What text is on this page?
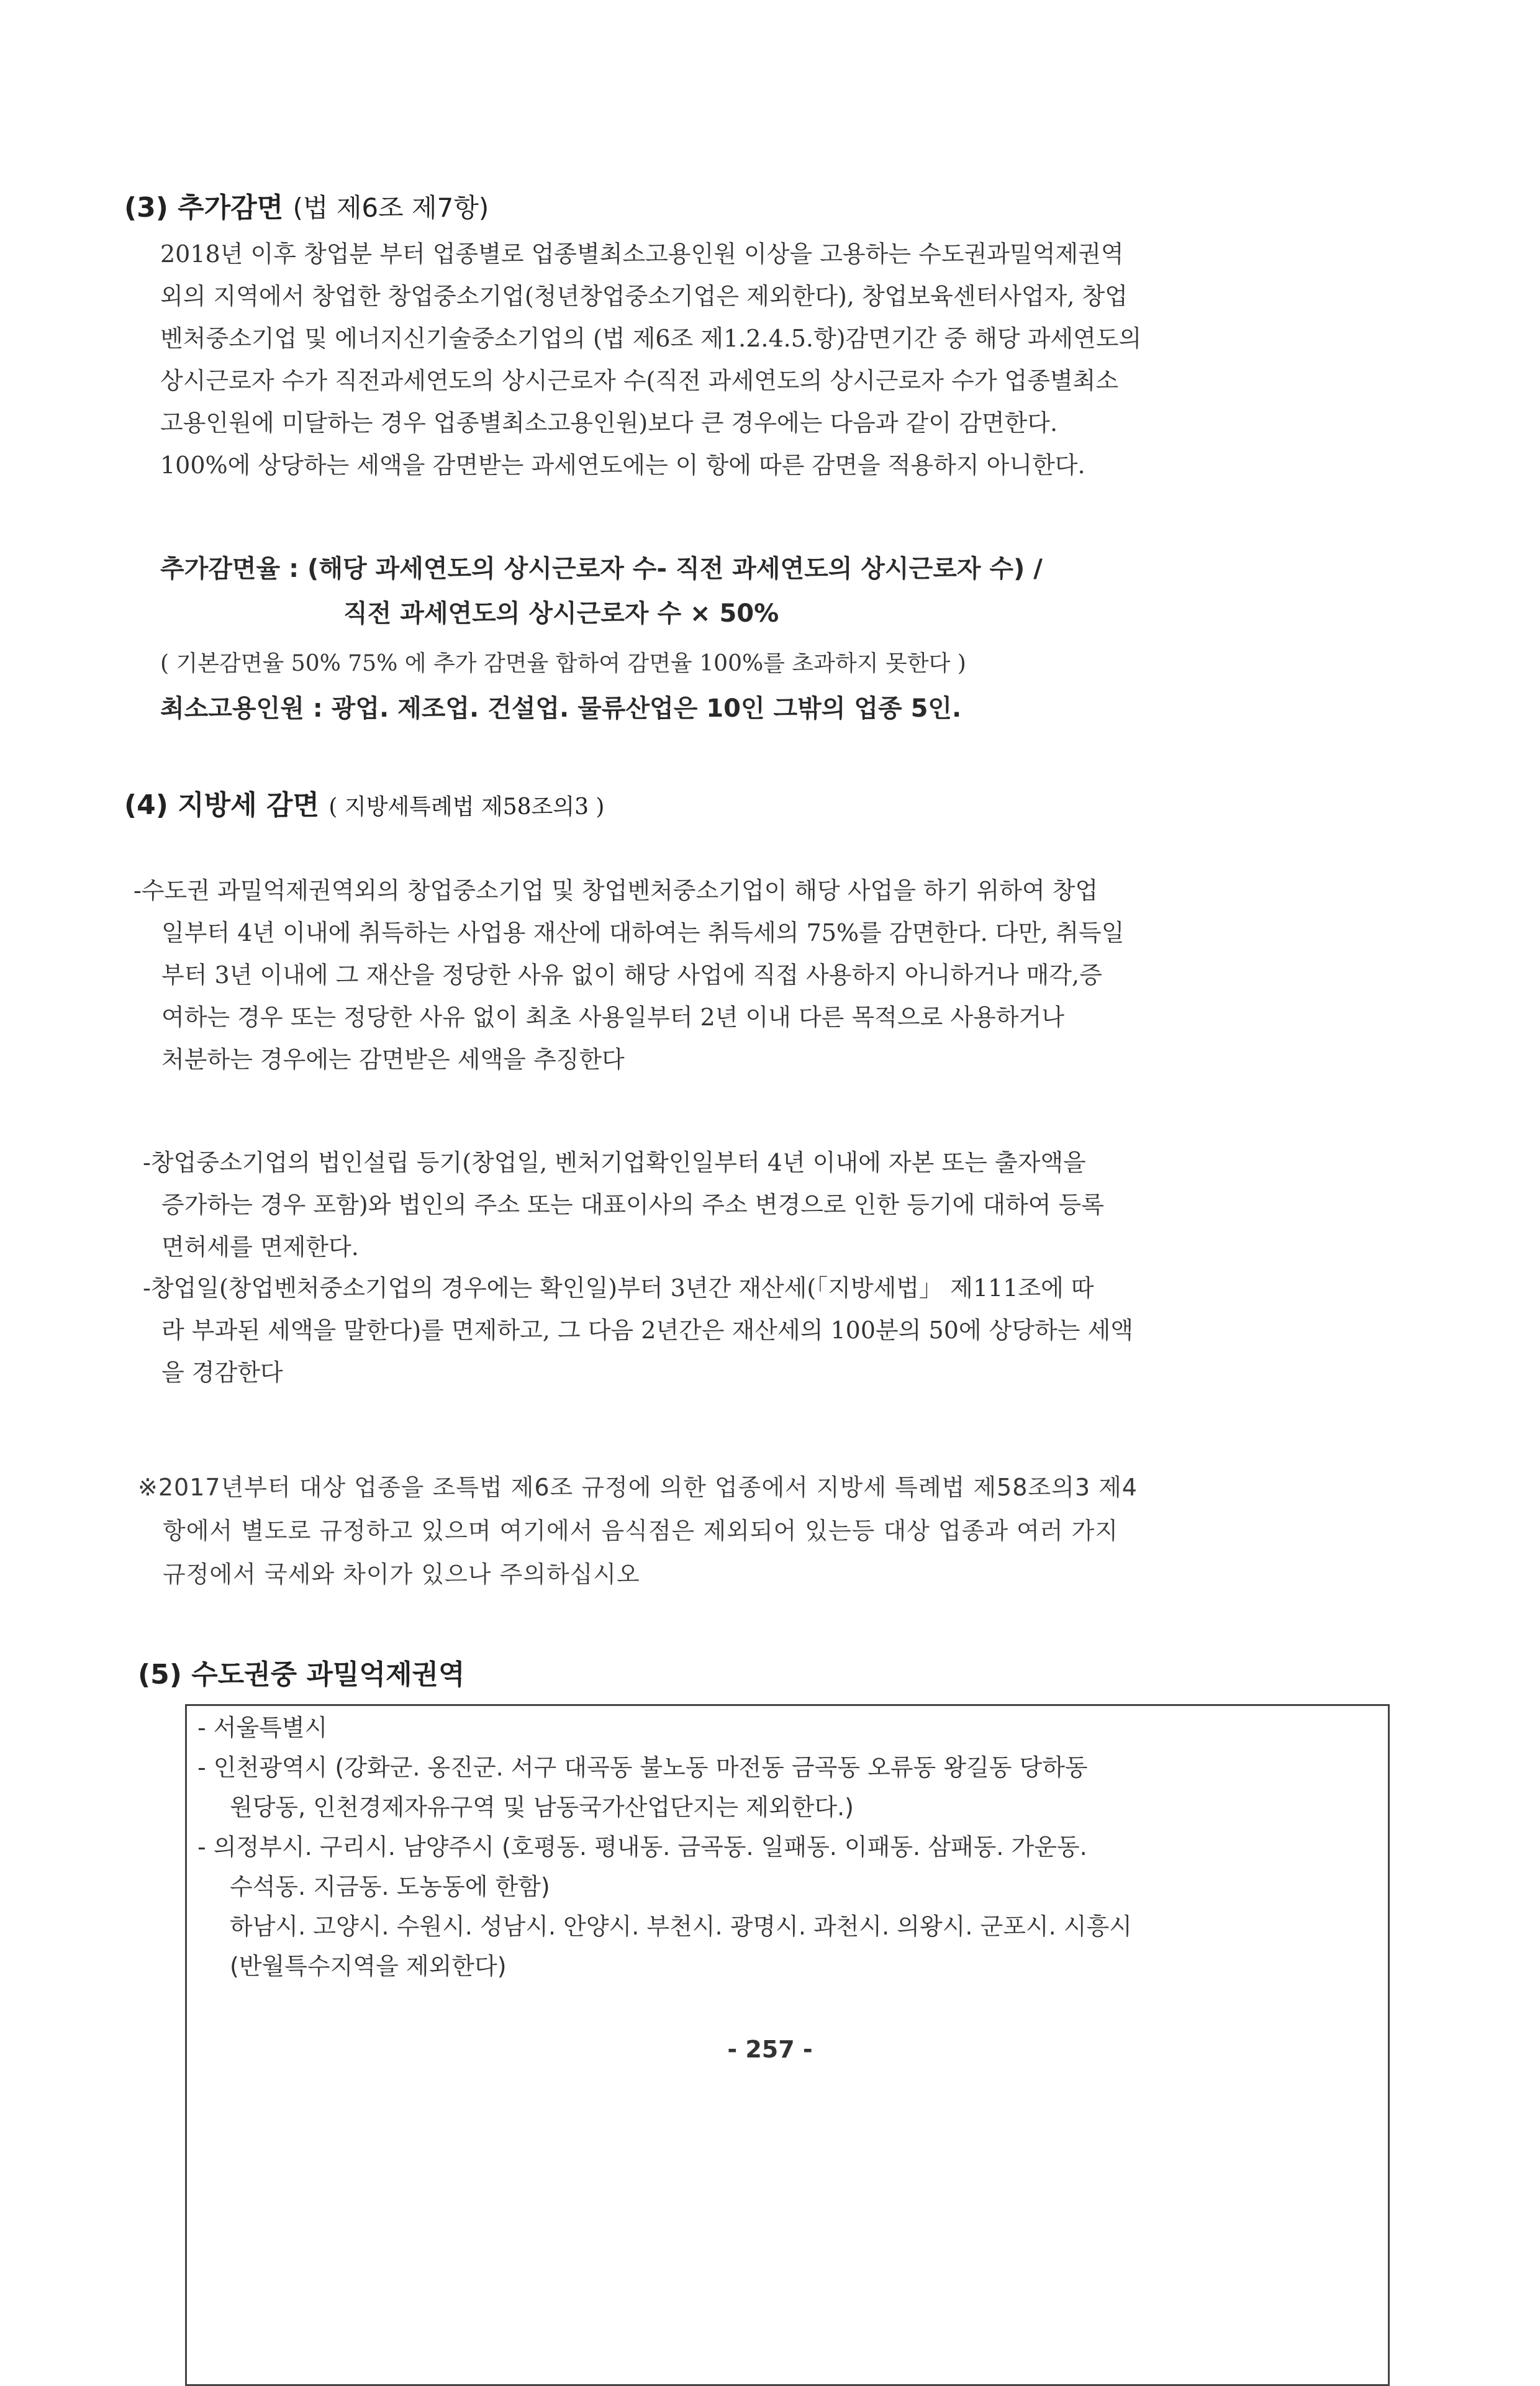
(3) 추가감면 (법 제6조 제7항)
2018년 이후 창업분 부터 업종별로 업종별최소고용인원 이상을 고용하는 수도권과밀억제권역
외의 지역에서 창업한 창업중소기업(청년창업중소기업은 제외한다), 창업보육센터사업자, 창업
벤처중소기업 및 에너지신기술중소기업의 (법 제6조 제1.2.4.5.항)감면기간 중 해당 과세연도의
상시근로자 수가 직전과세연도의 상시근로자 수(직전 과세연도의 상시근로자 수가 업종별최소
고용인원에 미달하는 경우 업종별최소고용인원)보다 큰 경우에는 다음과 같이 감면한다.
100%에 상당하는 세액을 감면받는 과세연도에는 이 항에 따른 감면을 적용하지 아니한다.
추가감면율 : (해당 과세연도의 상시근로자 수- 직전 과세연도의 상시근로자 수) /
직전 과세연도의 상시근로자 수 × 50%
( 기본감면율 50% 75% 에 추가 감면율 합하여 감면율 100%를 초과하지 못한다 )
최소고용인원 : 광업. 제조업. 건설업. 물류산업은 10인 그밖의 업종 5인.
(4) 지방세 감면 ( 지방세특례법 제58조의3 )
-수도권 과밀억제권역외의 창업중소기업 및 창업벤처중소기업이 해당 사업을 하기 위하여 창업
일부터 4년 이내에 취득하는 사업용 재산에 대하여는 취득세의 75%를 감면한다. 다만, 취득일
부터 3년 이내에 그 재산을 정당한 사유 없이 해당 사업에 직접 사용하지 아니하거나 매각,증
여하는 경우 또는 정당한 사유 없이 최초 사용일부터 2년 이내 다른 목적으로 사용하거나
처분하는 경우에는 감면받은 세액을 추징한다
-창업중소기업의 법인설립 등기(창업일, 벤처기업확인일부터 4년 이내에 자본 또는 출자액을
증가하는 경우 포함)와 법인의 주소 또는 대표이사의 주소 변경으로 인한 등기에 대하여 등록
면허세를 면제한다.
-창업일(창업벤처중소기업의 경우에는 확인일)부터 3년간 재산세(「지방세법」 제111조에 따
라 부과된 세액을 말한다)를 면제하고, 그 다음 2년간은 재산세의 100분의 50에 상당하는 세액
을 경감한다
※2017년부터 대상 업종을 조특법 제6조 규정에 의한 업종에서 지방세 특례법 제58조의3 제4
항에서 별도로 규정하고 있으며 여기에서 음식점은 제외되어 있는등 대상 업종과 여러 가지
규정에서 국세와 차이가 있으나 주의하십시오
(5) 수도권중 과밀억제권역
- 서울특별시
- 인천광역시 (강화군. 옹진군. 서구 대곡동 불노동 마전동 금곡동 오류동 왕길동 당하동
원당동, 인천경제자유구역 및 남동국가산업단지는 제외한다.)
- 의정부시. 구리시. 남양주시 (호평동. 평내동. 금곡동. 일패동. 이패동. 삼패동. 가운동.
수석동. 지금동. 도농동에 한함)
하남시. 고양시. 수원시. 성남시. 안양시. 부천시. 광명시. 과천시. 의왕시. 군포시. 시흥시
(반월특수지역을 제외한다)
- 257 -
